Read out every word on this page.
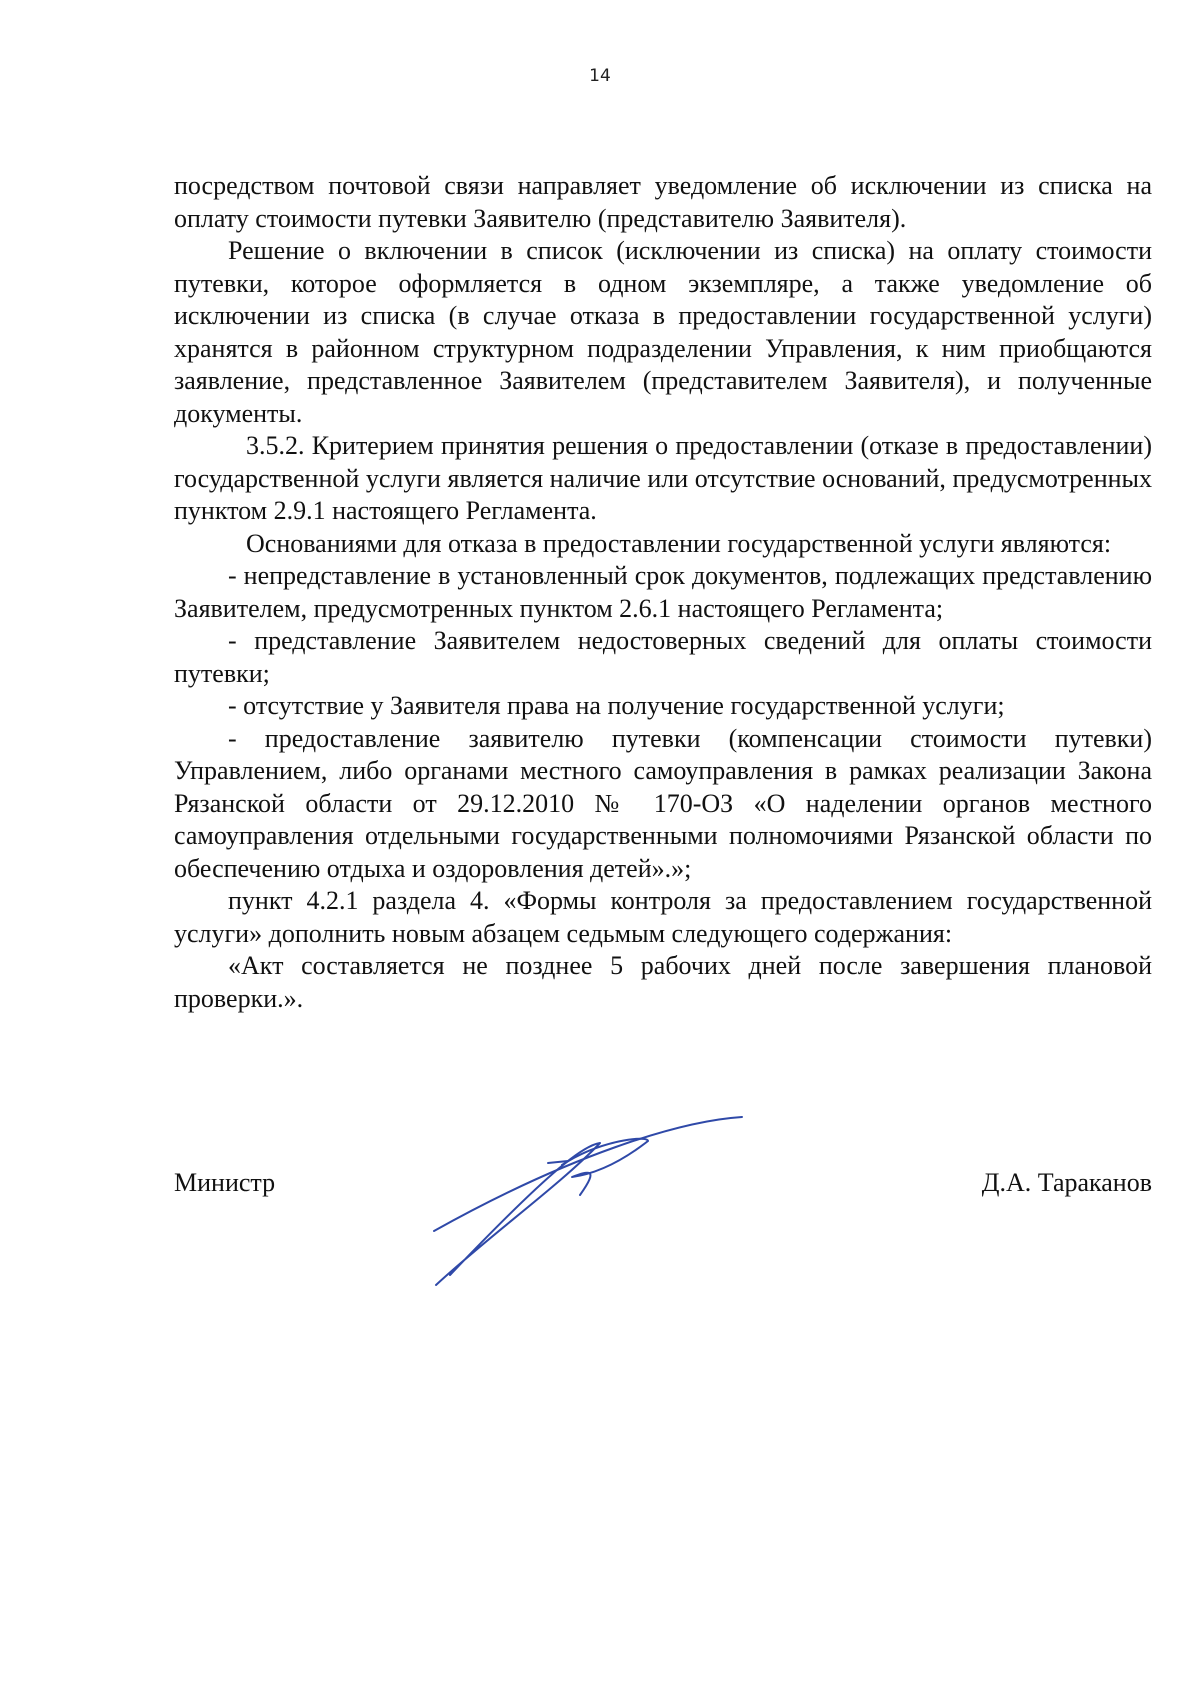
14

посредством почтовой связи направляет уведомление об исключении из списка на оплату стоимости путевки Заявителю (представителю Заявителя).

Решение о включении в список (исключении из списка) на оплату стоимости путевки, которое оформляется в одном экземпляре, а также уведомление об исключении из списка (в случае отказа в предоставлении государственной услуги) хранятся в районном структурном подразделении Управления, к ним приобщаются заявление, представленное Заявителем (представителем Заявителя), и полученные документы.

3.5.2. Критерием принятия решения о предоставлении (отказе в предоставлении) государственной услуги является наличие или отсутствие оснований, предусмотренных пунктом 2.9.1 настоящего Регламента.

Основаниями для отказа в предоставлении государственной услуги являются:

- непредставление в установленный срок документов, подлежащих представлению Заявителем, предусмотренных пунктом 2.6.1 настоящего Регламента;

- представление Заявителем недостоверных сведений для оплаты стоимости путевки;

- отсутствие у Заявителя права на получение государственной услуги;

- предоставление заявителю путевки (компенсации стоимости путевки) Управлением, либо органами местного самоуправления в рамках реализации Закона Рязанской области от 29.12.2010 № 170-ОЗ «О наделении органов местного самоуправления отдельными государственными полномочиями Рязанской области по обеспечению отдыха и оздоровления детей».»;

пункт 4.2.1 раздела 4. «Формы контроля за предоставлением государственной услуги» дополнить новым абзацем седьмым следующего содержания:

«Акт составляется не позднее 5 рабочих дней после завершения плановой проверки.».

Министр	Д.А. Тараканов
